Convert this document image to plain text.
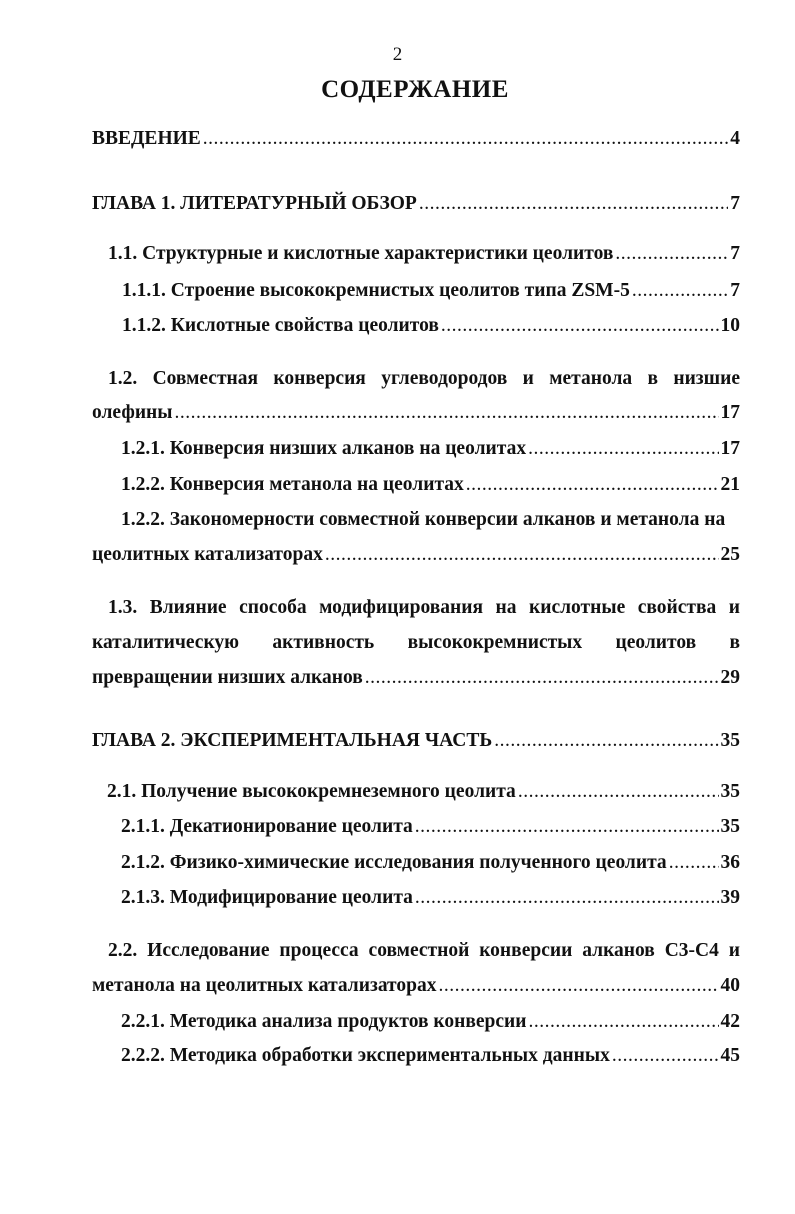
2
СОДЕРЖАНИЕ
ВВЕДЕНИЕ .....	4
ГЛАВА 1. ЛИТЕРАТУРНЫЙ ОБЗОР .....	7
1.1. Структурные и кислотные характеристики цеолитов .....	7
1.1.1. Строение высококремнистых цеолитов типа ZSM-5 .....	7
1.1.2. Кислотные свойства цеолитов .....	10
1.2. Совместная конверсия углеводородов и метанола в низшие
олефины .....	17
1.2.1. Конверсия низших алканов на цеолитах .....	17
1.2.2. Конверсия метанола на цеолитах .....	21
1.2.2. Закономерности совместной конверсии алканов и метанола на
цеолитных катализаторах .....	25
1.3. Влияние способа модифицирования на кислотные свойства и
каталитическую активность высококремнистых цеолитов в
превращении низших алканов .....	29
ГЛАВА 2. ЭКСПЕРИМЕНТАЛЬНАЯ ЧАСТЬ .....	35
2.1. Получение высококремнеземного цеолита .....	35
2.1.1. Декатионирование цеолита .....	35
2.1.2. Физико-химические исследования полученного цеолита .....	36
2.1.3. Модифицирование цеолита .....	39
2.2. Исследование процесса совместной конверсии алканов С3-С4 и
метанола на цеолитных катализаторах .....	40
2.2.1. Методика анализа продуктов конверсии .....	42
2.2.2. Методика обработки экспериментальных данных .....	45
